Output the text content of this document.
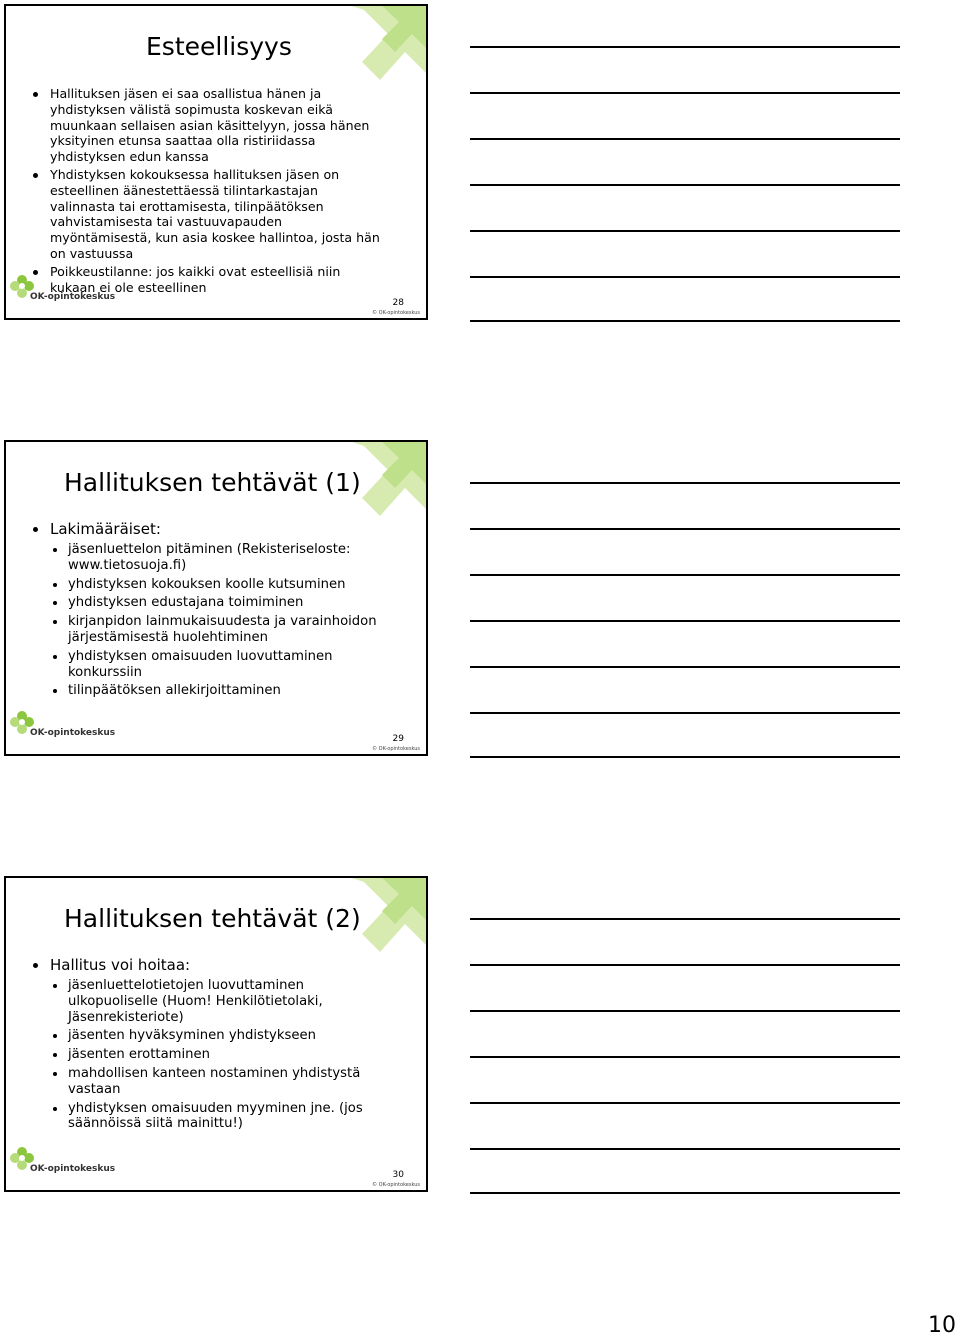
Esteellisyys
Hallituksen jäsen ei saa osallistua hänen ja yhdistyksen välistä sopimusta koskevan eikä muunkaan sellaisen asian käsittelyyn, jossa hänen yksityinen etunsa saattaa olla ristiriidassa yhdistyksen edun kanssa
Yhdistyksen kokouksessa hallituksen jäsen on esteellinen äänestettäessä tilintarkastajan valinnasta tai erottamisesta, tilinpäätöksen vahvistamisesta tai vastuuvapauden myöntämisestä, kun asia koskee hallintoa, josta hän on vastuussa
Poikkeustilanne: jos kaikki ovat esteellisiä niin kukaan ei ole esteellinen
OK-opintokeskus
28
© OK-opintokeskus
Hallituksen tehtävät (1)
Lakimääräiset:
jäsenluettelon pitäminen (Rekisteriseloste: www.tietosuoja.fi)
yhdistyksen kokouksen koolle kutsuminen
yhdistyksen edustajana toimiminen
kirjanpidon lainmukaisuudesta ja varainhoidon järjestämisestä huolehtiminen
yhdistyksen omaisuuden luovuttaminen konkurssiin
tilinpäätöksen allekirjoittaminen
OK-opintokeskus
29
© OK-opintokeskus
Hallituksen tehtävät (2)
Hallitus voi hoitaa:
jäsenluettelotietojen luovuttaminen ulkopuoliselle (Huom! Henkilötietolaki, Jäsenrekisteriote)
jäsenten hyväksyminen yhdistykseen
jäsenten erottaminen
mahdollisen kanteen nostaminen yhdistystä vastaan
yhdistyksen omaisuuden myyminen jne. (jos säännöissä siitä mainittu!)
OK-opintokeskus
30
© OK-opintokeskus
10
